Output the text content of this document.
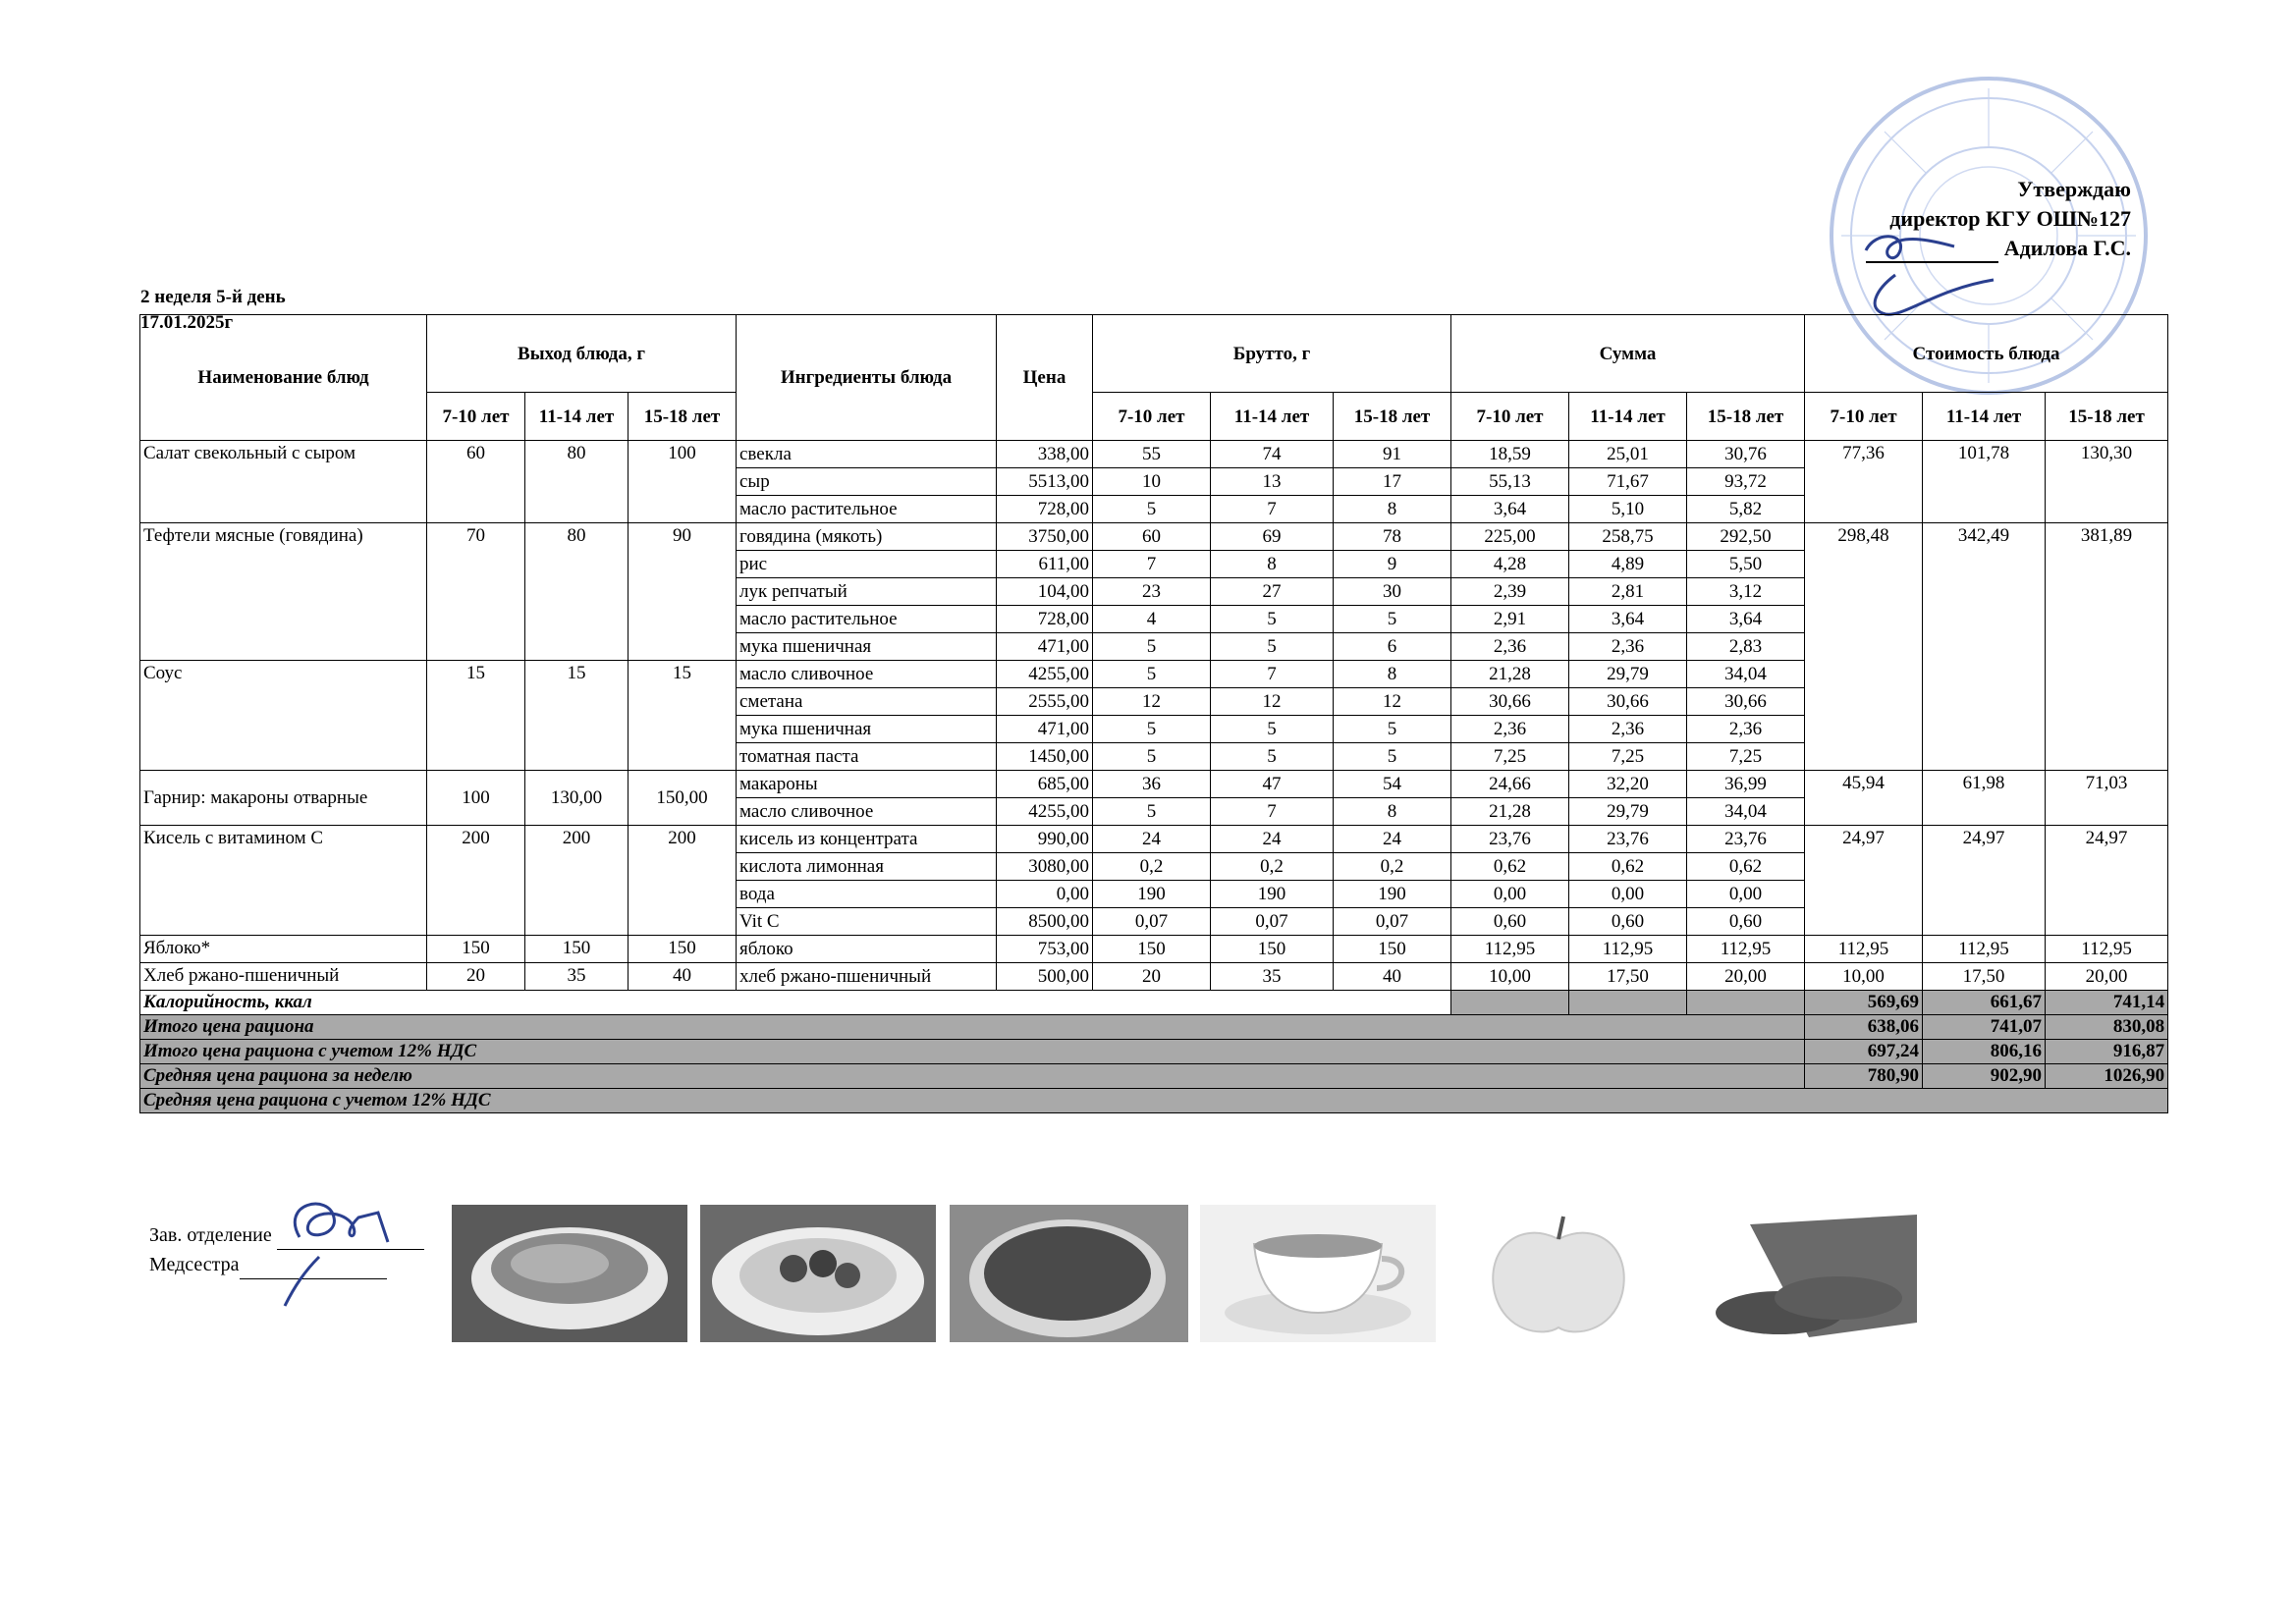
Утверждаю
директор КГУ ОШ№127
Адилова Г.С.
2 неделя 5-й день
17.01.2025г
Наименование блюд	Выход блюда, г			Ингредиенты блюда	Цена	Брутто, г			Сумма			Стоимость блюда		
	7-10 лет	11-14 лет	15-18 лет			7-10 лет	11-14 лет	15-18 лет	7-10 лет	11-14 лет	15-18 лет	7-10 лет	11-14 лет	15-18 лет
Салат свекольный с сыром	60	80	100	свекла	338,00	55	74	91	18,59	25,01	30,76	77,36	101,78	130,30
				сыр	5513,00	10	13	17	55,13	71,67	93,72			
				масло растительное	728,00	5	7	8	3,64	5,10	5,82			
Тефтели мясные (говядина)	70	80	90	говядина (мякоть)	3750,00	60	69	78	225,00	258,75	292,50	298,48	342,49	381,89
				рис	611,00	7	8	9	4,28	4,89	5,50			
				лук репчатый	104,00	23	27	30	2,39	2,81	3,12			
				масло растительное	728,00	4	5	5	2,91	3,64	3,64			
				мука пшеничная	471,00	5	5	6	2,36	2,36	2,83			
Соус	15	15	15	масло сливочное	4255,00	5	7	8	21,28	29,79	34,04			
				сметана	2555,00	12	12	12	30,66	30,66	30,66			
				мука пшеничная	471,00	5	5	5	2,36	2,36	2,36			
				томатная паста	1450,00	5	5	5	7,25	7,25	7,25			
Гарнир: макароны отварные	100	130,00	150,00	макароны	685,00	36	47	54	24,66	32,20	36,99	45,94	61,98	71,03
				масло сливочное	4255,00	5	7	8	21,28	29,79	34,04			
Кисель с витамином С	200	200	200	кисель из концентрата	990,00	24	24	24	23,76	23,76	23,76	24,97	24,97	24,97
				кислота лимонная	3080,00	0,2	0,2	0,2	0,62	0,62	0,62			
				вода	0,00	190	190	190	0,00	0,00	0,00			
				Vit C	8500,00	0,07	0,07	0,07	0,60	0,60	0,60			
Яблоко*	150	150	150	яблоко	753,00	150	150	150	112,95	112,95	112,95	112,95	112,95	112,95
Хлеб ржано-пшеничный	20	35	40	хлеб ржано-пшеничный	500,00	20	35	40	10,00	17,50	20,00	10,00	17,50	20,00
Калорийность, ккал												569,69	661,67	741,14
Итого цена рациона												638,06	741,07	830,08
Итого цена рациона с учетом 12% НДС												697,24	806,16	916,87
Средняя цена рациона за неделю												780,90	902,90	1026,90
Средняя цена рациона с учетом 12% НДС														
Зав. отделение
Медсестра
